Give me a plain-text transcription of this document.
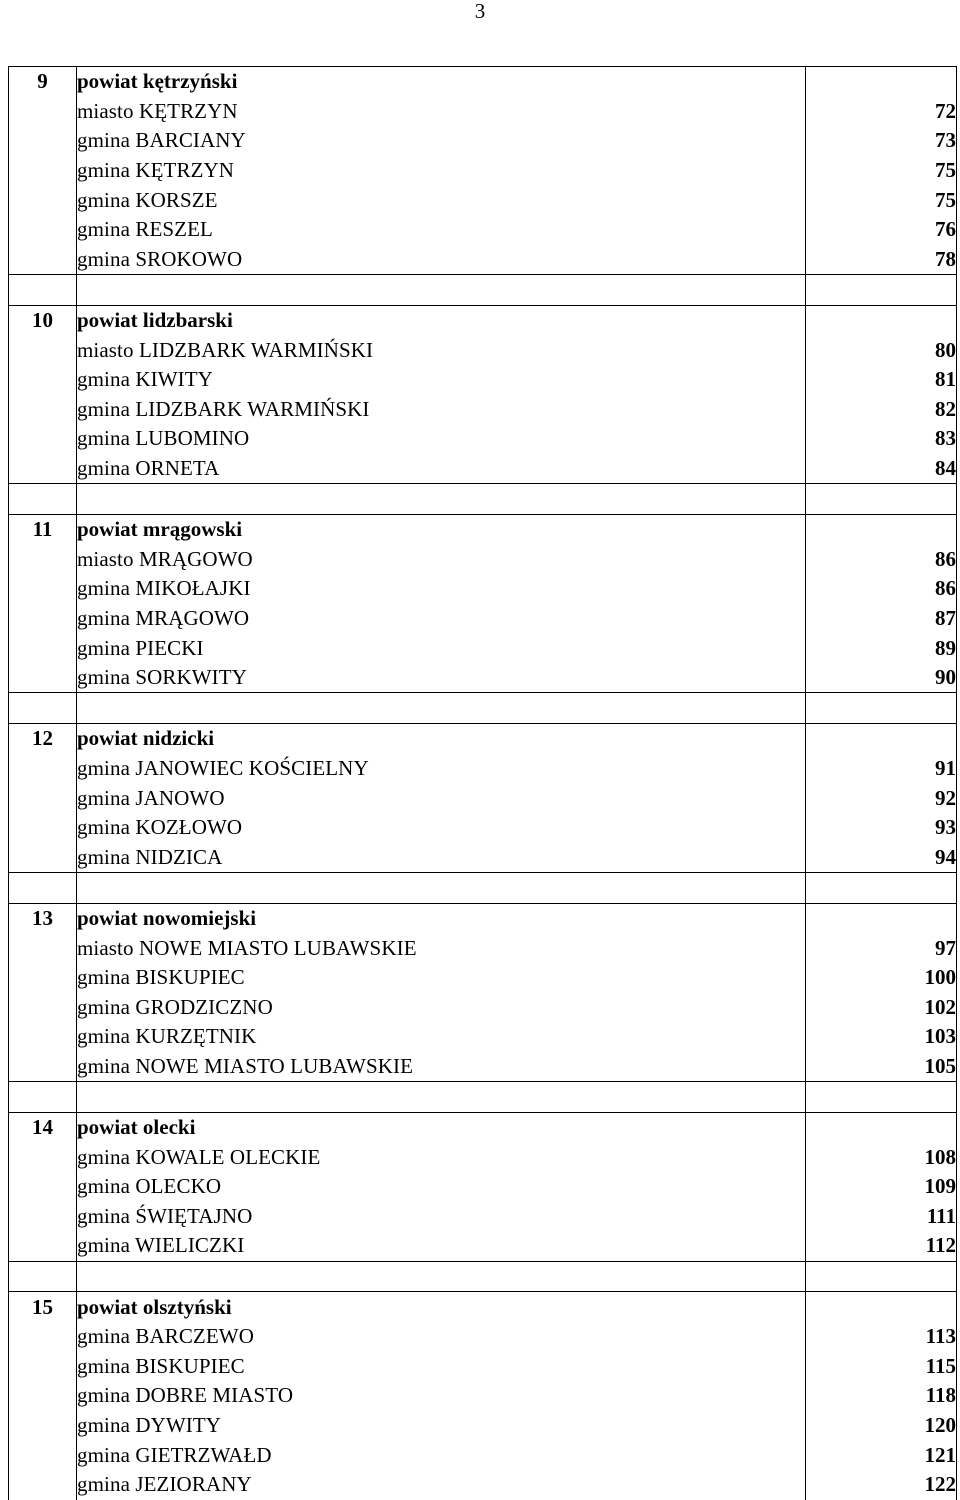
3
9	powiat kętrzyński	
	miasto KĘTRZYN	72
	gmina BARCIANY	73
	gmina KĘTRZYN	75
	gmina KORSZE	75
	gmina RESZEL	76
	gmina SROKOWO	78

10	powiat lidzbarski	
	miasto LIDZBARK WARMIŃSKI	80
	gmina KIWITY	81
	gmina LIDZBARK WARMIŃSKI	82
	gmina LUBOMINO	83
	gmina ORNETA	84

11	powiat mrągowski	
	miasto MRĄGOWO	86
	gmina MIKOŁAJKI	86
	gmina MRĄGOWO	87
	gmina PIECKI	89
	gmina SORKWITY	90

12	powiat nidzicki	
	gmina JANOWIEC KOŚCIELNY	91
	gmina JANOWO	92
	gmina KOZŁOWO	93
	gmina NIDZICA	94

13	powiat nowomiejski	
	miasto NOWE MIASTO LUBAWSKIE	97
	gmina BISKUPIEC	100
	gmina GRODZICZNO	102
	gmina KURZĘTNIK	103
	gmina NOWE MIASTO LUBAWSKIE	105

14	powiat olecki	
	gmina KOWALE OLECKIE	108
	gmina OLECKO	109
	gmina ŚWIĘTAJNO	111
	gmina WIELICZKI	112

15	powiat olsztyński	
	gmina BARCZEWO	113
	gmina BISKUPIEC	115
	gmina DOBRE MIASTO	118
	gmina DYWITY	120
	gmina GIETRZWAŁD	121
	gmina JEZIORANY	122
